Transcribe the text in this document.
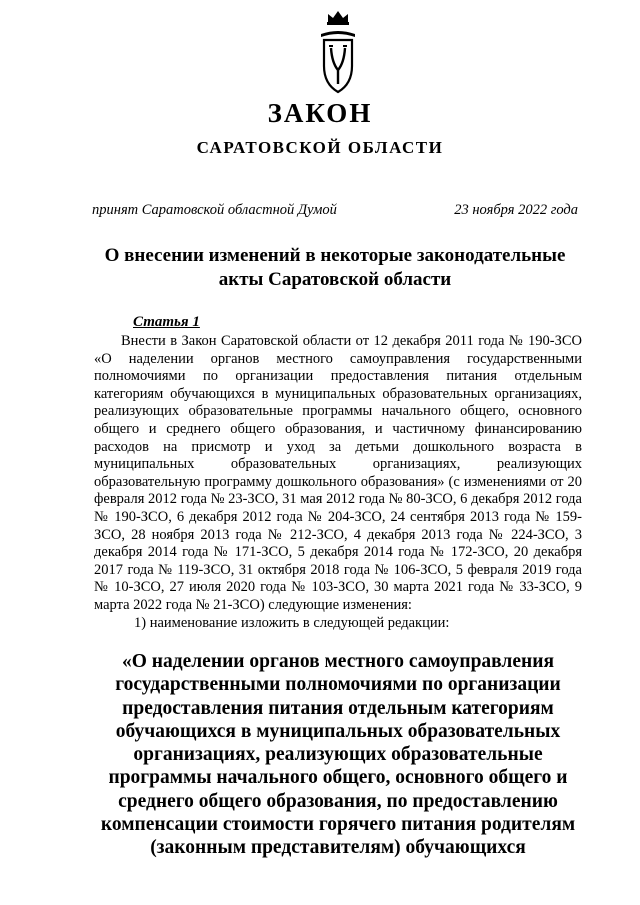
ЗАКОН
САРАТОВСКОЙ ОБЛАСТИ
принят Саратовской областной Думой	23 ноября 2022 года
О внесении изменений в некоторые законодательные акты Саратовской области
Статья 1

Внести в Закон Саратовской области от 12 декабря 2011 года № 190-ЗСО «О наделении органов местного самоуправления государственными полномочиями по организации предоставления питания отдельным категориям обучающихся в муниципальных образовательных организациях, реализующих образовательные программы начального общего, основного общего и среднего общего образования, и частичному финансированию расходов на присмотр и уход за детьми дошкольного возраста в муниципальных образовательных организациях, реализующих образовательную программу дошкольного образования» (с изменениями от 20 февраля 2012 года № 23-ЗСО, 31 мая 2012 года № 80-ЗСО, 6 декабря 2012 года № 190-ЗСО, 6 декабря 2012 года № 204-ЗСО, 24 сентября 2013 года № 159-ЗСО, 28 ноября 2013 года № 212-ЗСО, 4 декабря 2013 года № 224-ЗСО, 3 декабря 2014 года № 171-ЗСО, 5 декабря 2014 года № 172-ЗСО, 20 декабря 2017 года № 119-ЗСО, 31 октября 2018 года № 106-ЗСО, 5 февраля 2019 года № 10-ЗСО, 27 июля 2020 года № 103-ЗСО, 30 марта 2021 года № 33-ЗСО, 9 марта 2022 года № 21-ЗСО) следующие изменения:

1) наименование изложить в следующей редакции:

«О наделении органов местного самоуправления государственными полномочиями по организации предоставления питания отдельным категориям обучающихся в муниципальных образовательных организациях, реализующих образовательные программы начального общего, основного общего и среднего общего образования, по предоставлению компенсации стоимости горячего питания родителям (законным представителям) обучающихся
